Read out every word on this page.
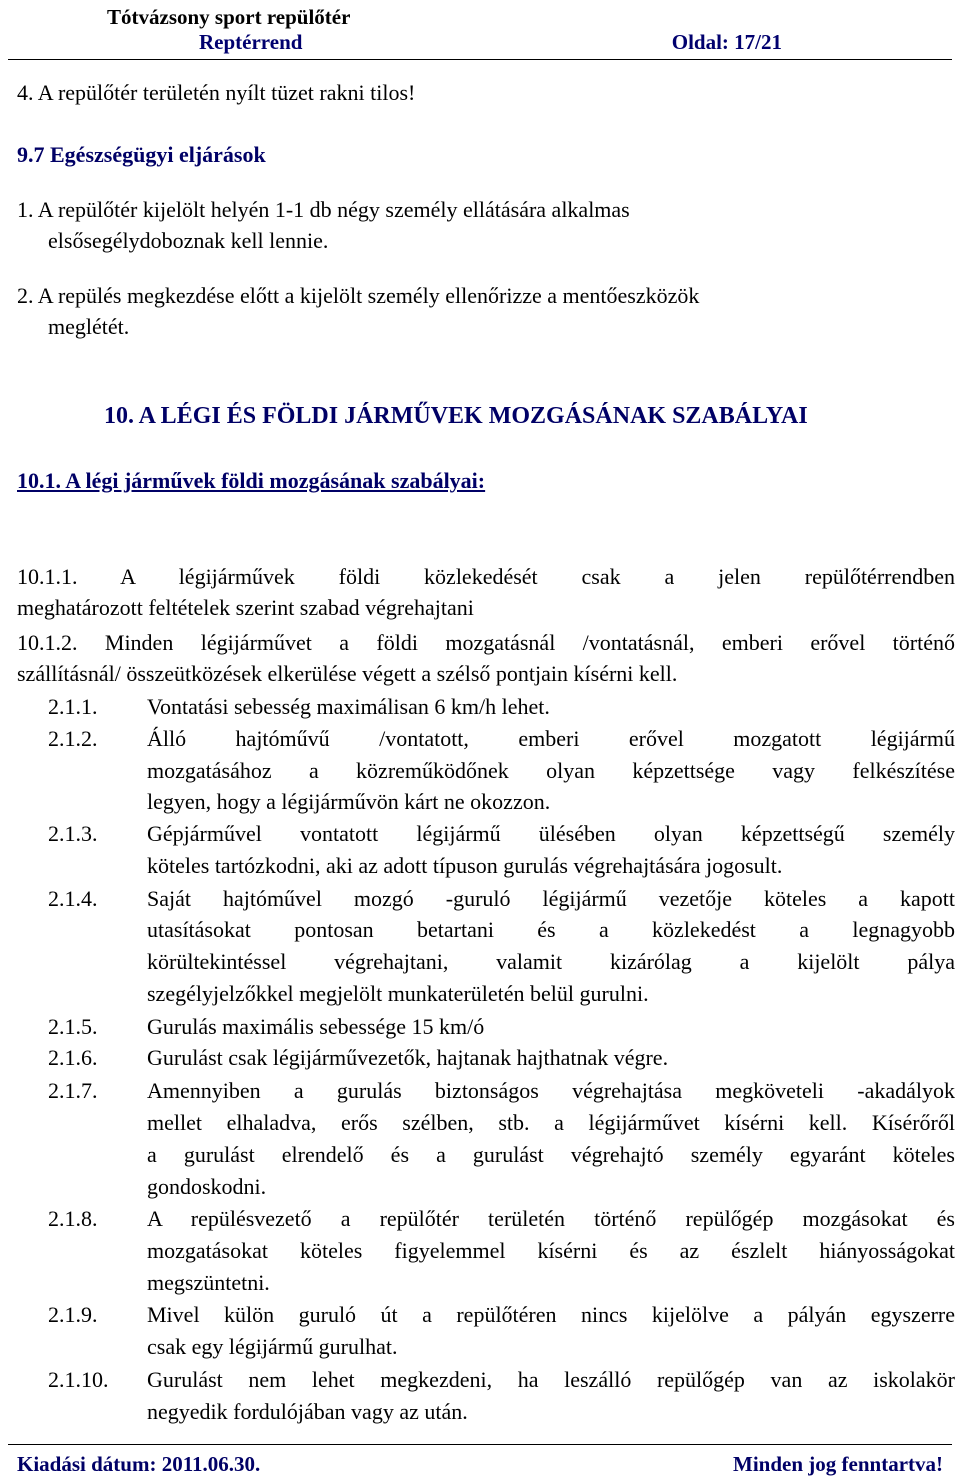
Tótvázsony sport repülőtér
Reptérrend	Oldal: 17/21
4. A repülőtér területén nyílt tüzet rakni tilos!
9.7 Egészségügyi eljárások
1. A repülőtér kijelölt helyén 1-1 db négy személy ellátására alkalmas
elsősegélydoboznak kell lennie.
2. A repülés megkezdése előtt a kijelölt személy ellenőrizze a mentőeszközök
meglétét.
10. A LÉGI ÉS FÖLDI JÁRMŰVEK MOZGÁSÁNAK SZABÁLYAI
10.1. A légi járművek földi mozgásának szabályai:
10.1.1. A légijárművek földi közlekedését csak a jelen repülőtérrendben
meghatározott feltételek szerint szabad végrehajtani
10.1.2. Minden légijárművet a földi mozgatásnál /vontatásnál, emberi erővel történő
szállításnál/ összeütközések elkerülése végett a szélső pontjain kísérni kell.
2.1.1. Vontatási sebesség maximálisan 6 km/h lehet.
2.1.2. Álló hajtóművű /vontatott, emberi erővel mozgatott légijármű
mozgatásához a közreműködőnek olyan képzettsége vagy felkészítése
legyen, hogy a légijárművön kárt ne okozzon.
2.1.3. Gépjárművel vontatott légijármű ülésében olyan képzettségű személy
köteles tartózkodni, aki az adott típuson gurulás végrehajtására jogosult.
2.1.4. Saját hajtóművel mozgó -guruló légijármű vezetője köteles a kapott
utasításokat pontosan betartani és a közlekedést a legnagyobb
körültekintéssel végrehajtani, valamit kizárólag a kijelölt pálya
szegélyjelzőkkel megjelölt munkaterületén belül gurulni.
2.1.5. Gurulás maximális sebessége 15 km/ó
2.1.6. Gurulást csak légijárművezetők, hajtanak hajthatnak végre.
2.1.7. Amennyiben a gurulás biztonságos végrehajtása megköveteli -akadályok
mellet elhaladva, erős szélben, stb. a légijárművet kísérni kell. Kísérőről
a gurulást elrendelő és a gurulást végrehajtó személy egyaránt köteles
gondoskodni.
2.1.8. A repülésvezető a repülőtér területén történő repülőgép mozgásokat és
mozgatásokat köteles figyelemmel kísérni és az észlelt hiányosságokat
megszüntetni.
2.1.9. Mivel külön guruló út a repülőtéren nincs kijelölve a pályán egyszerre
csak egy légijármű gurulhat.
2.1.10. Gurulást nem lehet megkezdeni, ha leszálló repülőgép van az iskolakör
negyedik fordulójában vagy az után.
Kiadási dátum: 2011.06.30.	Minden jog fenntartva!
